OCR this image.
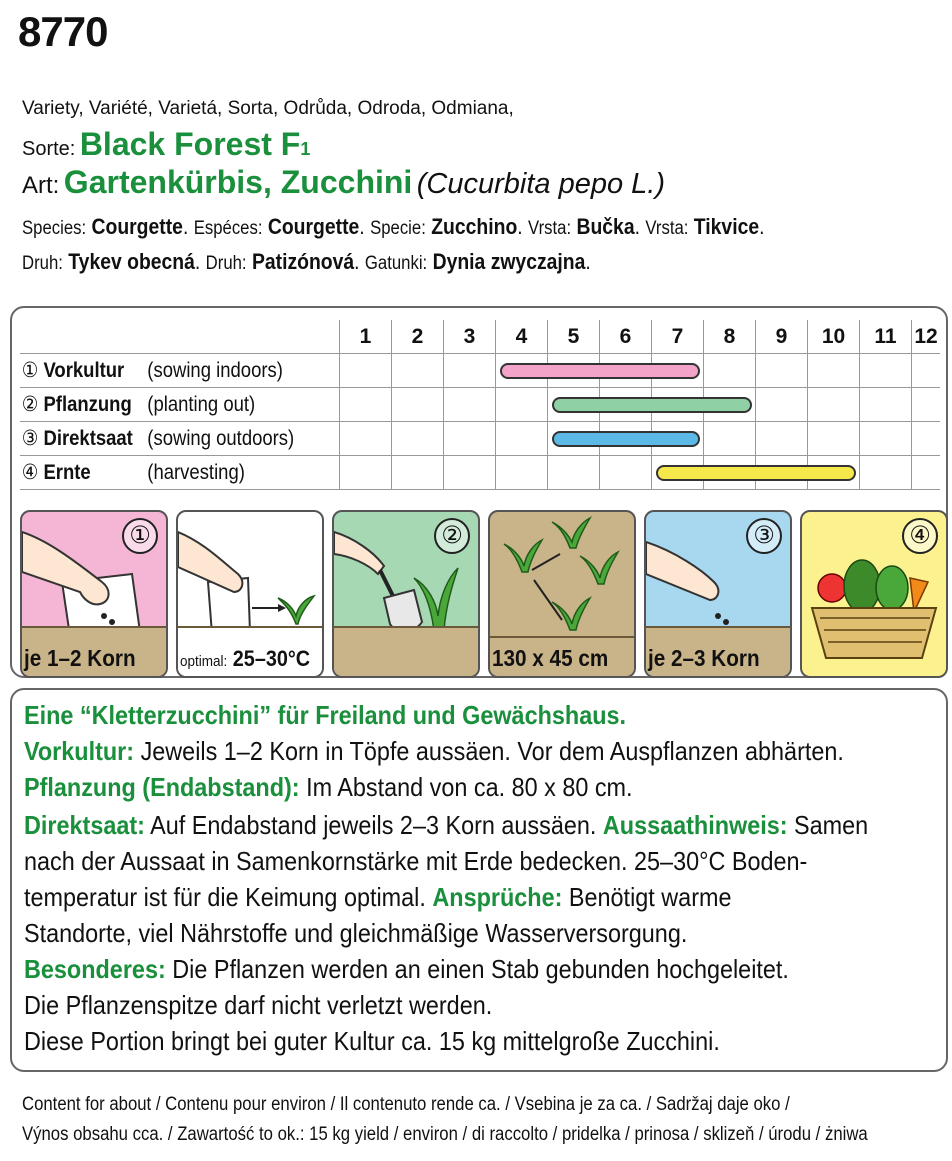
8770
Variety, Variété, Varietá, Sorta, Odrůda, Odroda, Odmiana,
Sorte: Black Forest F1
Art: Gartenkürbis, Zucchini (Cucurbita pepo L.)
Species: Courgette. Espéces: Courgette. Specie: Zucchino. Vrsta: Bučka. Vrsta: Tikvice.
Druh: Tykev obecná. Druh: Patizónová. Gatunki: Dynia zwyczajna.
1	2	3	4	5	6	7	8	9	10	11 12
① Vorkultur (sowing indoors)
② Pflanzung (planting out)
③ Direktsaat (sowing outdoors)
④ Ernte	(harvesting)
①
je 1–2 Korn	optimal: 25–30°C
②
130 x 45 cm
③
je 2–3 Korn
④
Eine “Kletterzucchini” für Freiland und Gewächshaus.
Vorkultur: Jeweils 1–2 Korn in Töpfe aussäen. Vor dem Auspflanzen abhärten.
Pflanzung (Endabstand): Im Abstand von ca. 80 x 80 cm.
Direktsaat: Auf Endabstand jeweils 2–3 Korn aussäen. Aussaathinweis: Samen
nach der Aussaat in Samenkornstärke mit Erde bedecken. 25–30°C Boden-
temperatur ist für die Keimung optimal. Ansprüche: Benötigt warme
Standorte, viel Nährstoffe und gleichmäßige Wasserversorgung.
Besonderes: Die Pflanzen werden an einen Stab gebunden hochgeleitet.
Die Pflanzenspitze darf nicht verletzt werden.
Diese Portion bringt bei guter Kultur ca. 15 kg mittelgroße Zucchini.
Content for about / Contenu pour environ / Il contenuto rende ca. / Vsebina je za ca. / Sadržaj daje oko /
Výnos obsahu cca. / Zawartość to ok.: 15 kg yield / environ / di raccolto / pridelka / prinosa / sklizeň / úrodu / żniwa
